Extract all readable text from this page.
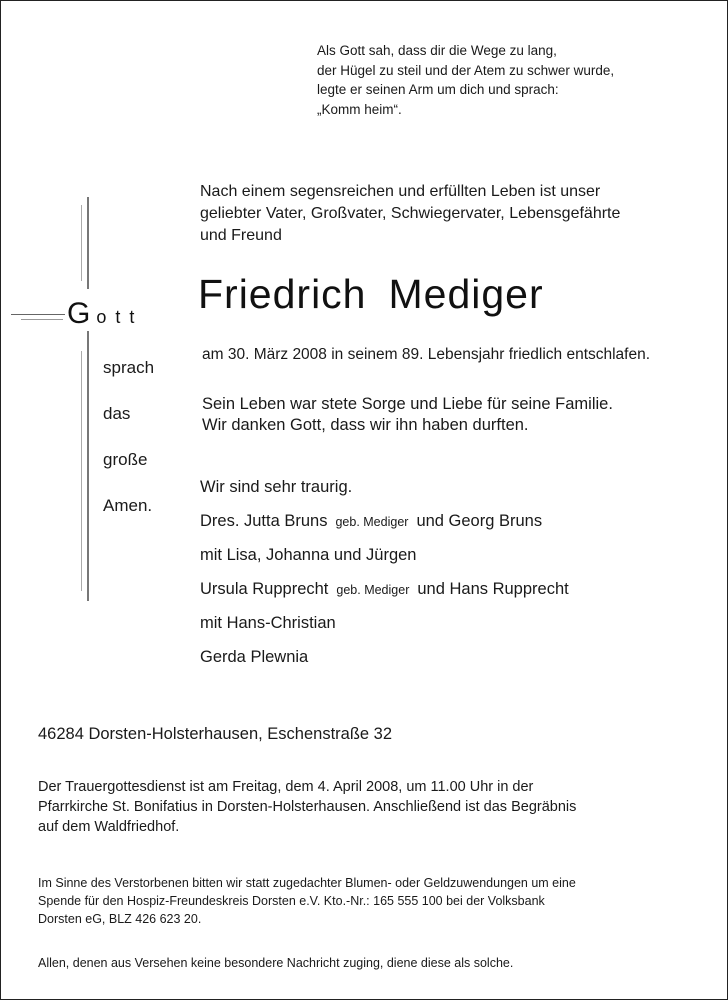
Als Gott sah, dass dir die Wege zu lang,
der Hügel zu steil und der Atem zu schwer wurde,
legte er seinen Arm um dich und sprach:
„Komm heim“.
Nach einem segensreichen und erfüllten Leben ist unser
geliebter Vater, Großvater, Schwiegervater, Lebensgefährte
und Freund
Gott
sprach
das
große
Amen.
Friedrich Mediger
am 30. März 2008 in seinem 89. Lebensjahr friedlich entschlafen.
Sein Leben war stete Sorge und Liebe für seine Familie.
Wir danken Gott, dass wir ihn haben durften.
Wir sind sehr traurig.
Dres. Jutta Bruns geb. Mediger und Georg Bruns
mit Lisa, Johanna und Jürgen
Ursula Rupprecht geb. Mediger und Hans Rupprecht
mit Hans-Christian
Gerda Plewnia
46284 Dorsten-Holsterhausen, Eschenstraße 32
Der Trauergottesdienst ist am Freitag, dem 4. April 2008, um 11.00 Uhr in der
Pfarrkirche St. Bonifatius in Dorsten-Holsterhausen. Anschließend ist das Begräbnis
auf dem Waldfriedhof.
Im Sinne des Verstorbenen bitten wir statt zugedachter Blumen- oder Geldzuwendungen um eine
Spende für den Hospiz-Freundeskreis Dorsten e.V. Kto.-Nr.: 165 555 100 bei der Volksbank
Dorsten eG, BLZ 426 623 20.
Allen, denen aus Versehen keine besondere Nachricht zuging, diene diese als solche.
